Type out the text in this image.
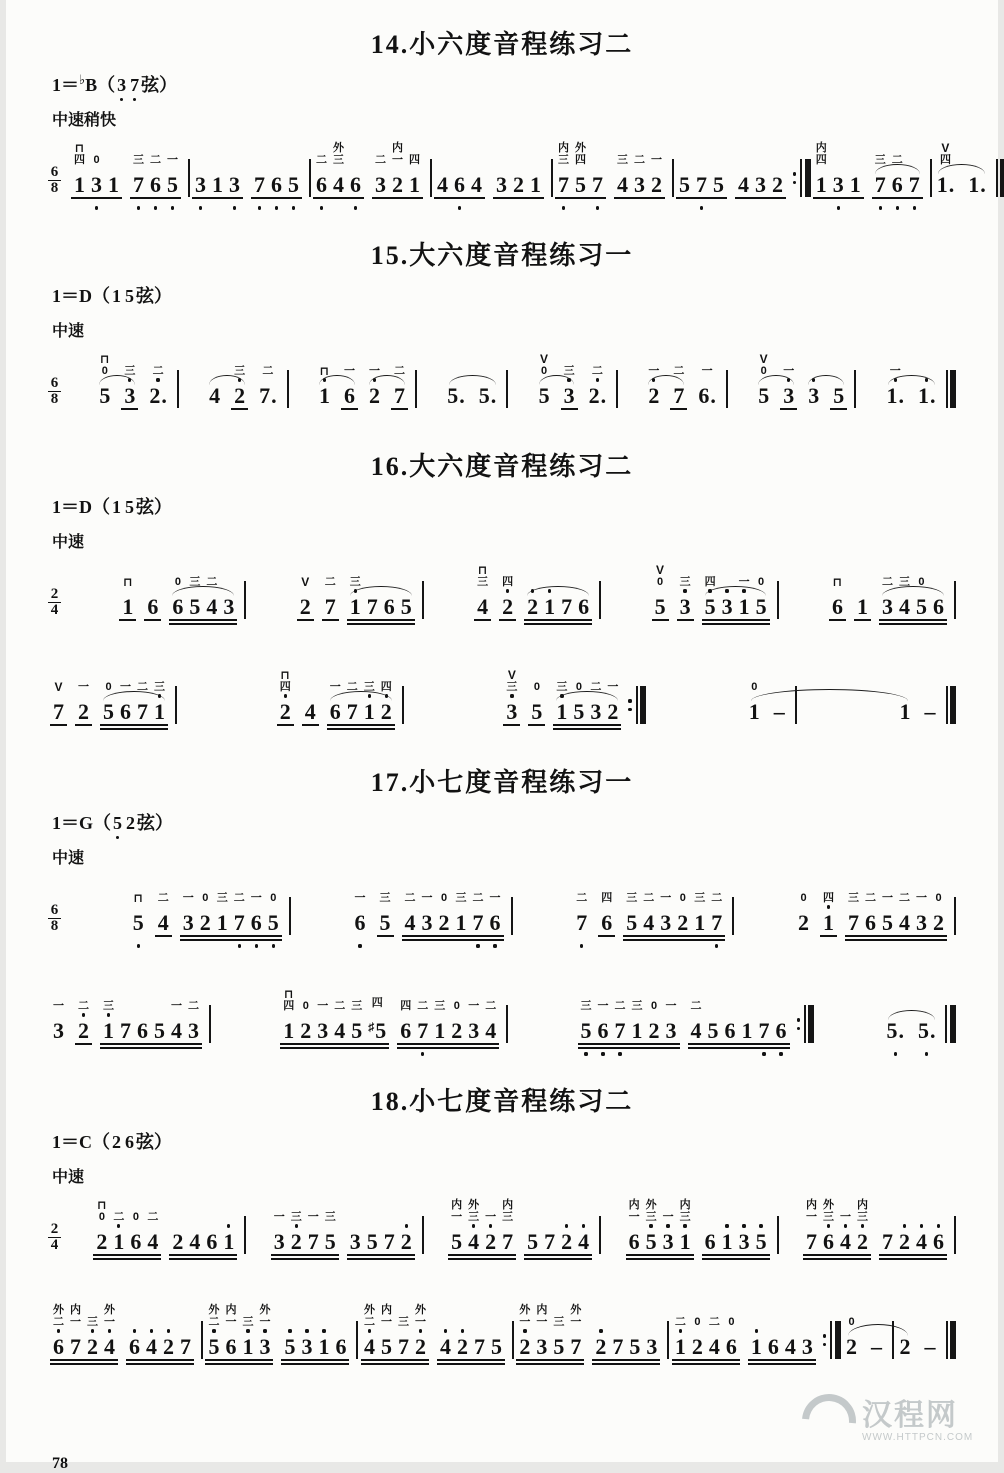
14.小六度音程练习二
1＝♭B（ 3 7 弦）
中速稍快
6
8
⊓
四
1
0
3 1
三
7
二
6
一
5 3 1 3 7 6 5
二
6
外
三
4 6
二
3
内
一
2
四
1 4 6 4 3 2 1
内
三
7
外
四
5 7
三
4
二
3
一
2 5 7 5 4 3 2
内
四
1 3 1
三
7
二
6 7
V
四
1. 1.
15.大六度音程练习一
1＝D（ 1 5 弦）
中速
6
8
⊓
0
5
三
3
二
2. 4
三
2
二
7.
⊓
1
一
6
一
2
二
7 5. 5.
V
0
5
三
3
二
2.
一
2
二
7
一
6.
V
0
5
一
3 3 5
一
1. 1.
16.大六度音程练习二
1＝D（ 1 5 弦）
中速
2
4
⊓
1 6
0
6
三
5
二
4 3
V
2
二
7
三
1 7 6 5
⊓
三
4
四
2 2 1 7 6
V
0
5
三
3
四
5 3
一
1
0
5
⊓
6 1
二
3
三
4
0
5 6
V
7
一
2
0
5
一
6
二
7
三
1
⊓
四
2 4
一
6
二
7
三
1
四
2
V
三
3
0
5
三
1
0
5
二
3
一
2
0
1 –	1 –
17.小七度音程练习一
1＝G（ 5 2 弦）
中速
6
8
⊓
5
二
4
一
3
0
2
三
1
二
7
一
6
0
5
一
6
三
5
二
4
一
3
0
2
三
1
二
7
一
6
二
7
四
6
三
5
二
4
一
3
0
2
三
1
二
7
0
2
四
1
三
7
二
6
一
5
二
4
一
3
0
2
一
3
二
2
三
1 7 6 5
一
4
二
3
⊓
四
1
0
2
一
3
二
4
三
5
四
♯5
四
6
二
7
三
1
0
2
一
3
二
4
三
5
一
6
二
7
三
1
0
2
一
3
二
4 5 6 1 7 6	5. 5.
18.小七度音程练习二
1＝C（ 2 6 弦）
中速
2
4
⊓
0
2
二
1
0
6
二
4 2 4 6 1
一
3
三
2
一
7
三
5 3 5 7 2
内
一
5
外
三
4
一
2
内
三
7 5 7 2 4
内
一
6
外
三
5
一
3
内
三
1 6 1 3 5
内
一
7
外
三
6
一
4
内
三
2 7 2 4 6
外
二
6
内
一
7
三
2
外
一
4 6 4 2 7
外
二
5
内
一
6
三
1
外
一
3 5 3 1 6
外
二
4
内
一
5
三
7
外
一
2 4 2 7 5
外
一
2
内
一
3
三
5
外
一
7 2 7 5 3
二
1
0
2
二
4
0
6 1 6 4 3
0
2 – 2 –
汉程网
WWW.HTTPCN.COM
78
